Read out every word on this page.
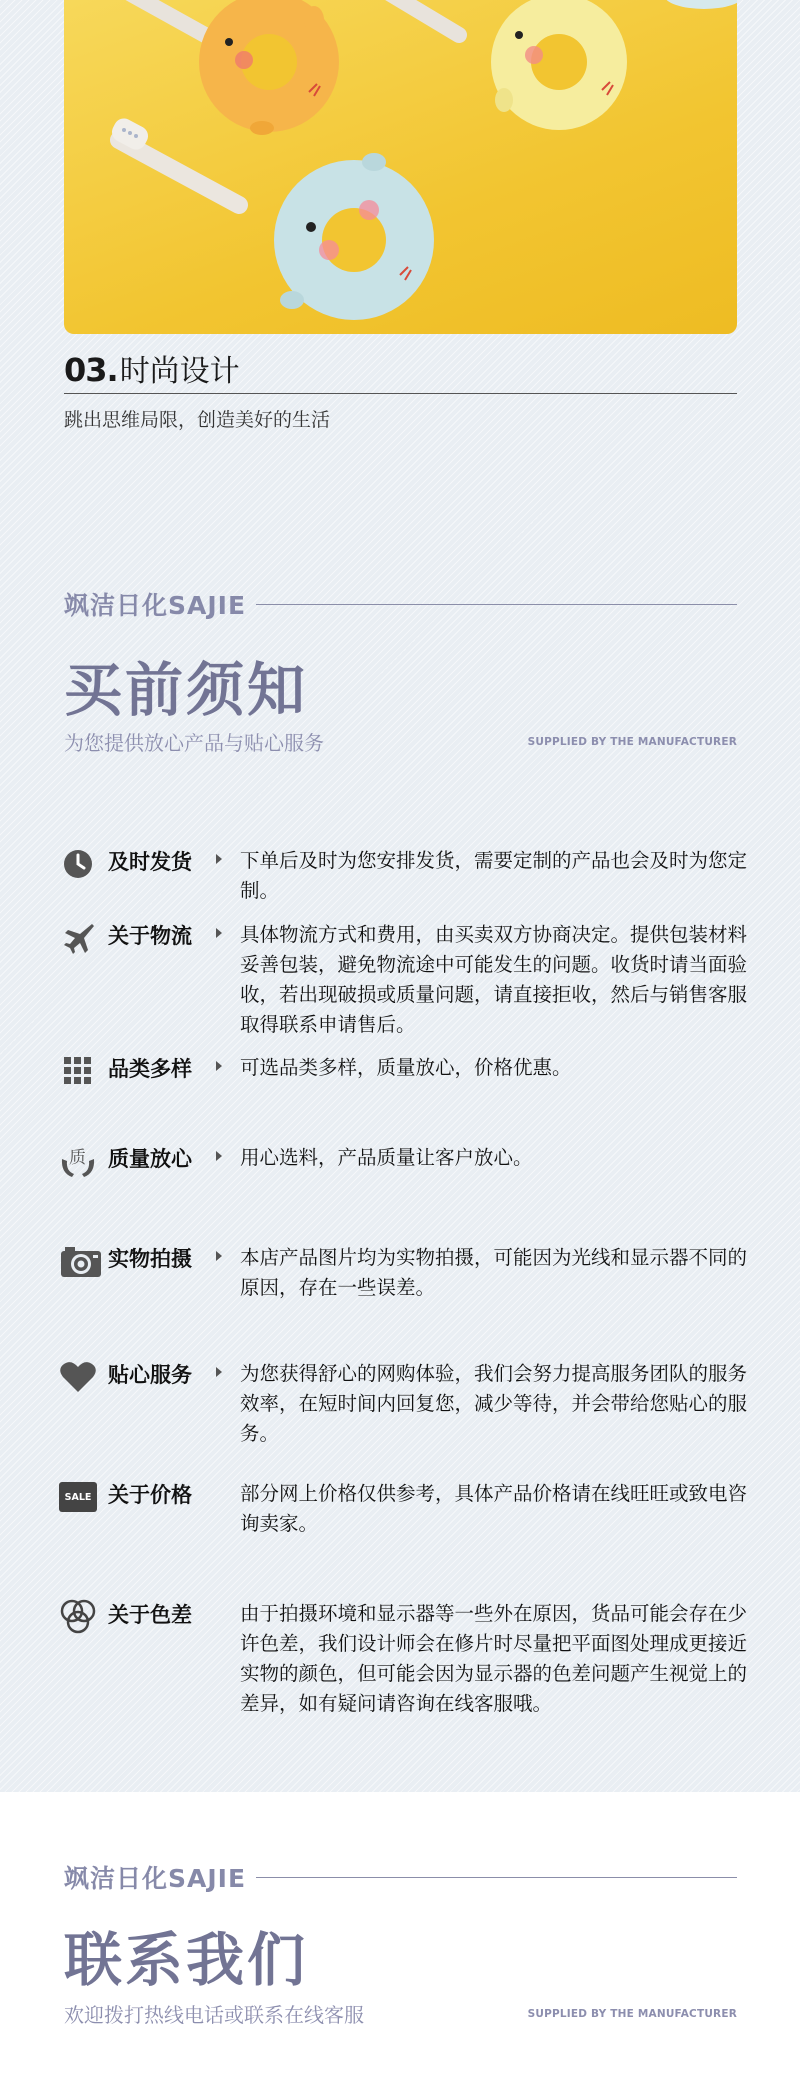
03. 时尚设计
跳出思维局限，创造美好的生活
飒洁日化SAJIE
买前须知
为您提供放心产品与贴心服务	SUPPLIED BY THE MANUFACTURER
及时发货 下单后及时为您安排发货，需要定制的产品也会及时为您定制。
关于物流 具体物流方式和费用，由买卖双方协商决定。提供包装材料妥善包装，避免物流途中可能发生的问题。收货时请当面验收，若出现破损或质量问题，请直接拒收，然后与销售客服取得联系申请售后。
品类多样 可选品类多样，质量放心，价格优惠。
质 质量放心 用心选料，产品质量让客户放心。
实物拍摄 本店产品图片均为实物拍摄，可能因为光线和显示器不同的原因，存在一些误差。
贴心服务 为您获得舒心的网购体验，我们会努力提高服务团队的服务效率，在短时间内回复您，减少等待，并会带给您贴心的服务。
SALE 关于价格 部分网上价格仅供参考，具体产品价格请在线旺旺或致电咨询卖家。
关于色差 由于拍摄环境和显示器等一些外在原因，货品可能会存在少许色差，我们设计师会在修片时尽量把平面图处理成更接近实物的颜色，但可能会因为显示器的色差问题产生视觉上的差异，如有疑问请咨询在线客服哦。
飒洁日化SAJIE
联系我们
欢迎拨打热线电话或联系在线客服	SUPPLIED BY THE MANUFACTURER
